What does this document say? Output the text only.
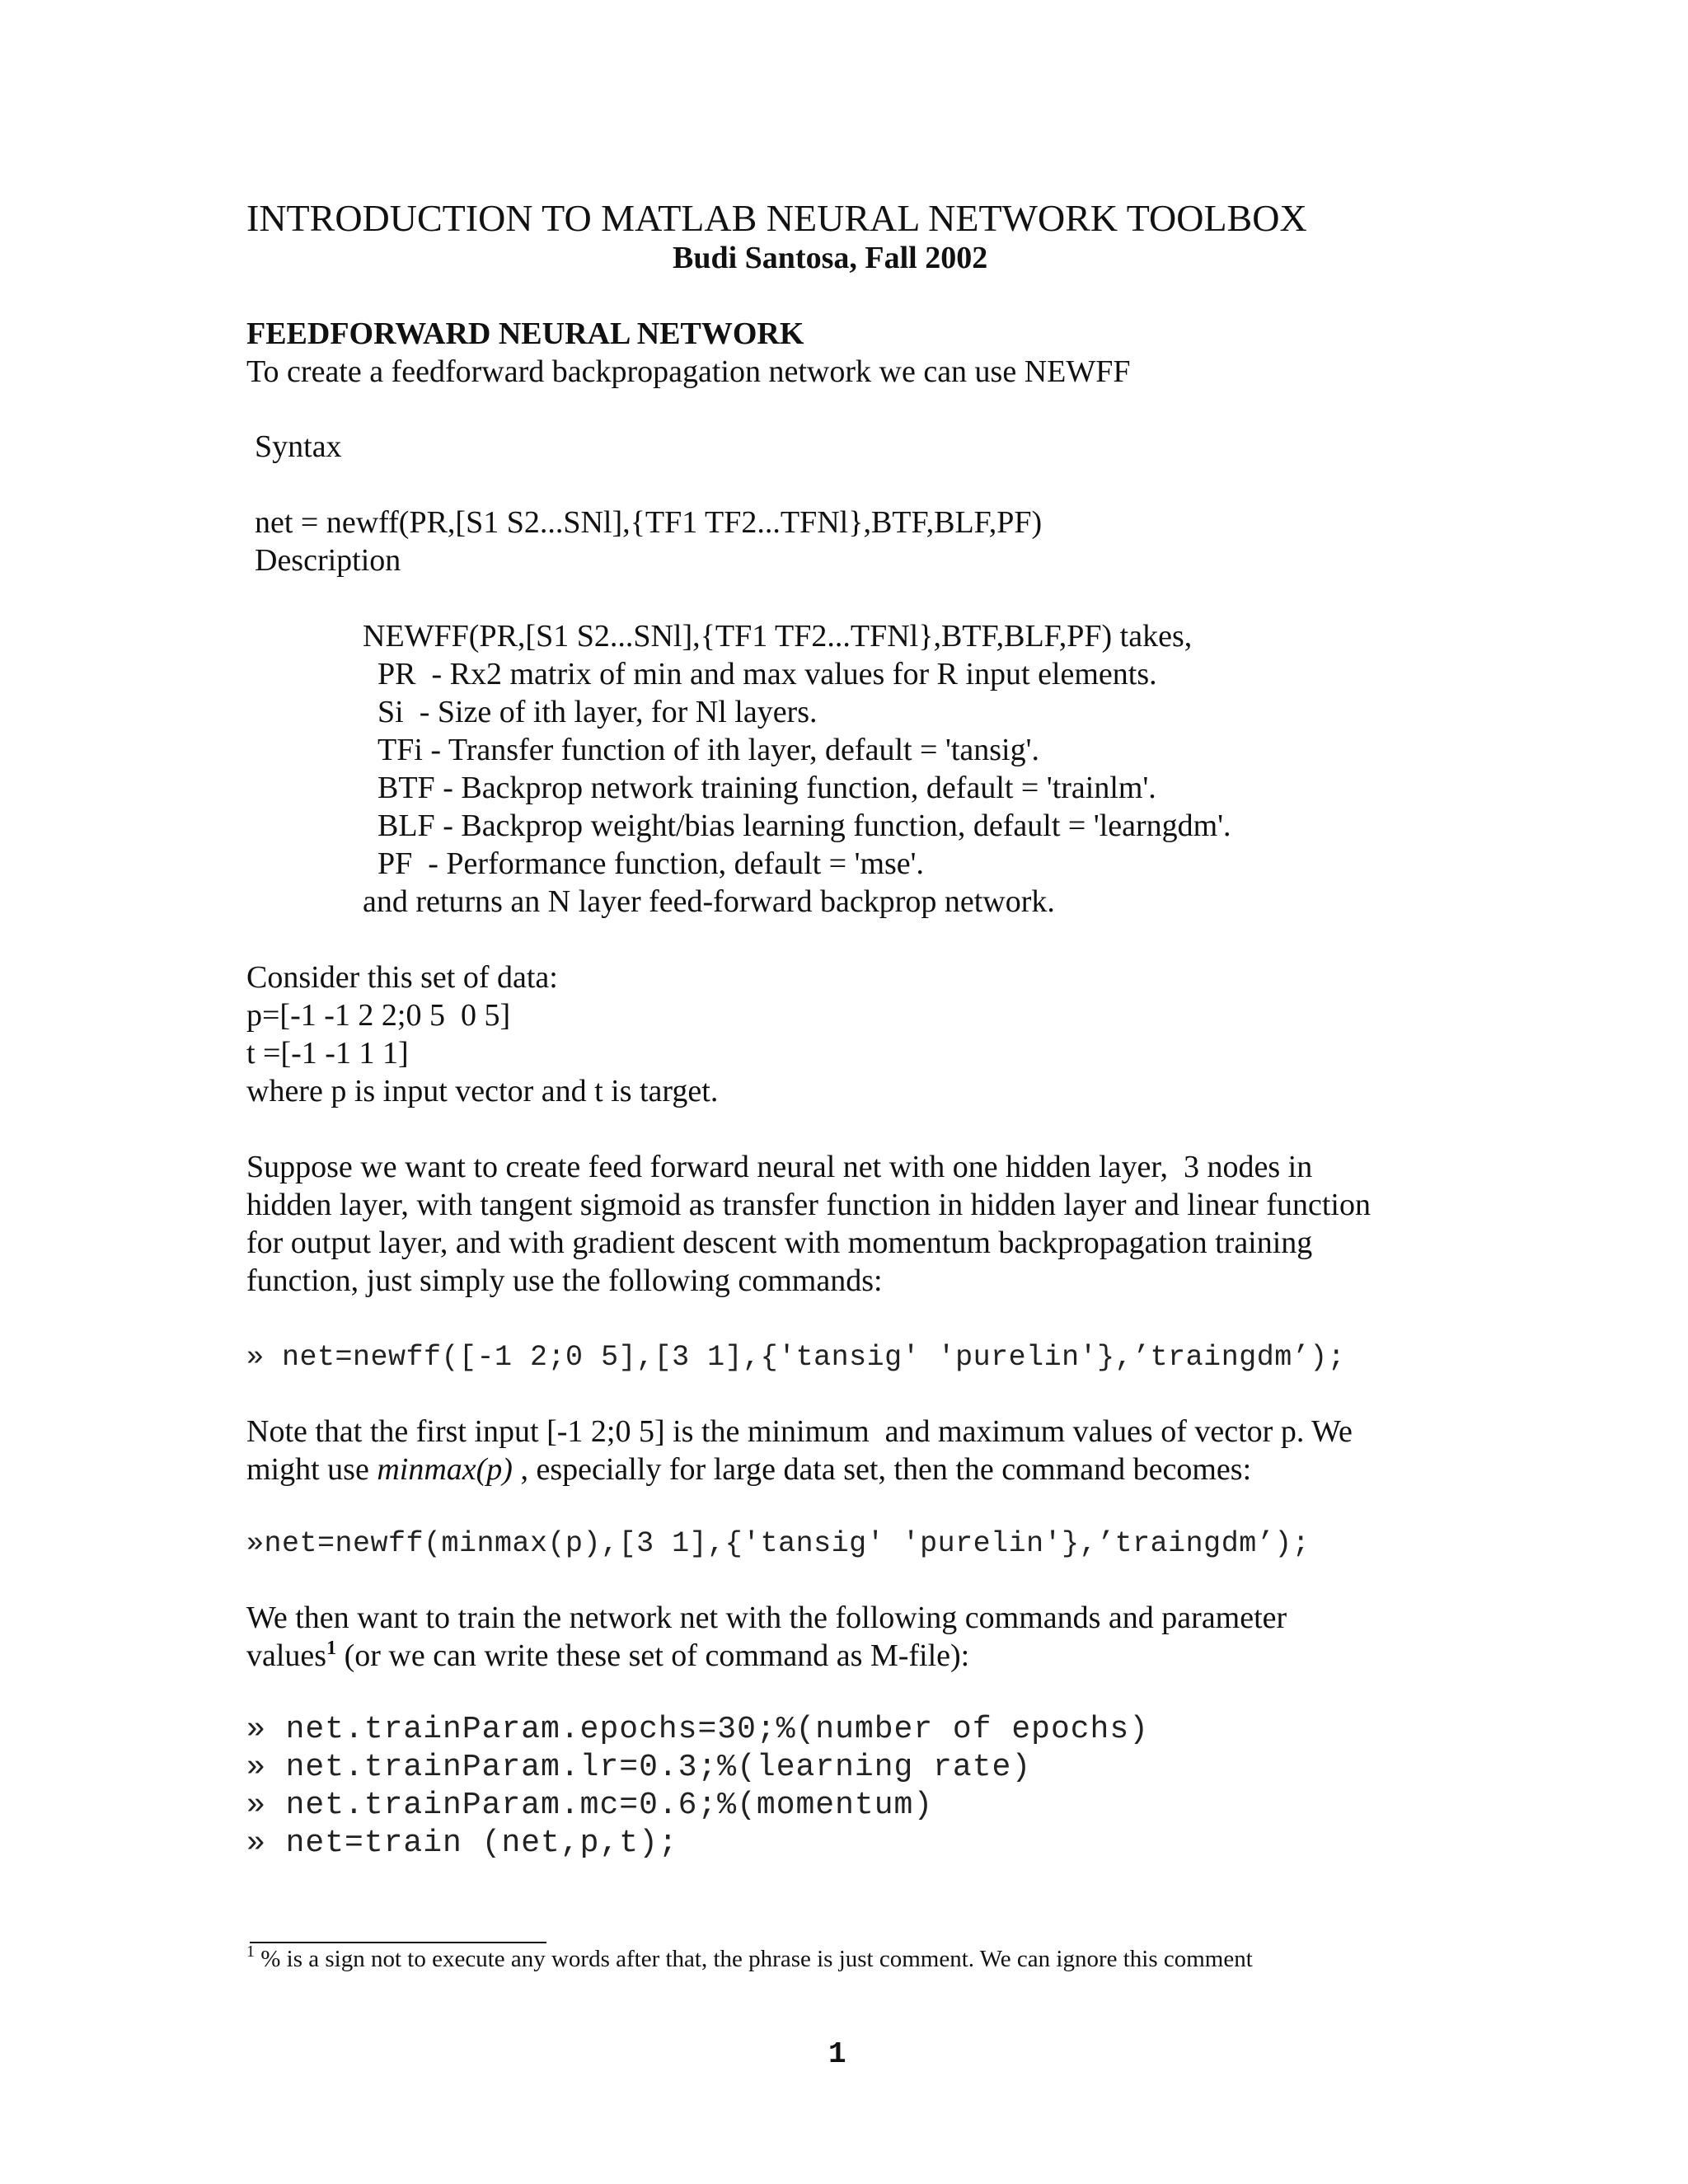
INTRODUCTION TO MATLAB NEURAL NETWORK TOOLBOX
Budi Santosa, Fall 2002
FEEDFORWARD NEURAL NETWORK
To create a feedforward backpropagation network we can use NEWFF
Syntax
net = newff(PR,[S1 S2...SNl],{TF1 TF2...TFNl},BTF,BLF,PF)
Description
NEWFF(PR,[S1 S2...SNl],{TF1 TF2...TFNl},BTF,BLF,PF) takes,
PR  - Rx2 matrix of min and max values for R input elements.
Si  - Size of ith layer, for Nl layers.
TFi - Transfer function of ith layer, default = 'tansig'.
BTF - Backprop network training function, default = 'trainlm'.
BLF - Backprop weight/bias learning function, default = 'learngdm'.
PF  - Performance function, default = 'mse'.
and returns an N layer feed-forward backprop network.
Consider this set of data:
p=[-1 -1 2 2;0 5  0 5]
t =[-1 -1 1 1]
where p is input vector and t is target.
Suppose we want to create feed forward neural net with one hidden layer,  3 nodes in
hidden layer, with tangent sigmoid as transfer function in hidden layer and linear function
for output layer, and with gradient descent with momentum backpropagation training
function, just simply use the following commands:
» net=newff([-1 2;0 5],[3 1],{'tansig' 'purelin'},’traingdm’);
Note that the first input [-1 2;0 5] is the minimum  and maximum values of vector p. We
might use minmax(p) , especially for large data set, then the command becomes:
»net=newff(minmax(p),[3 1],{'tansig' 'purelin'},’traingdm’);
We then want to train the network net with the following commands and parameter
values$^1$ (or we can write these set of command as M-file):
» net.trainParam.epochs=30;%(number of epochs)
» net.trainParam.lr=0.3;%(learning rate)
» net.trainParam.mc=0.6;%(momentum)
» net=train (net,p,t);
$^1$ % is a sign not to execute any words after that, the phrase is just comment. We can ignore this comment
1
